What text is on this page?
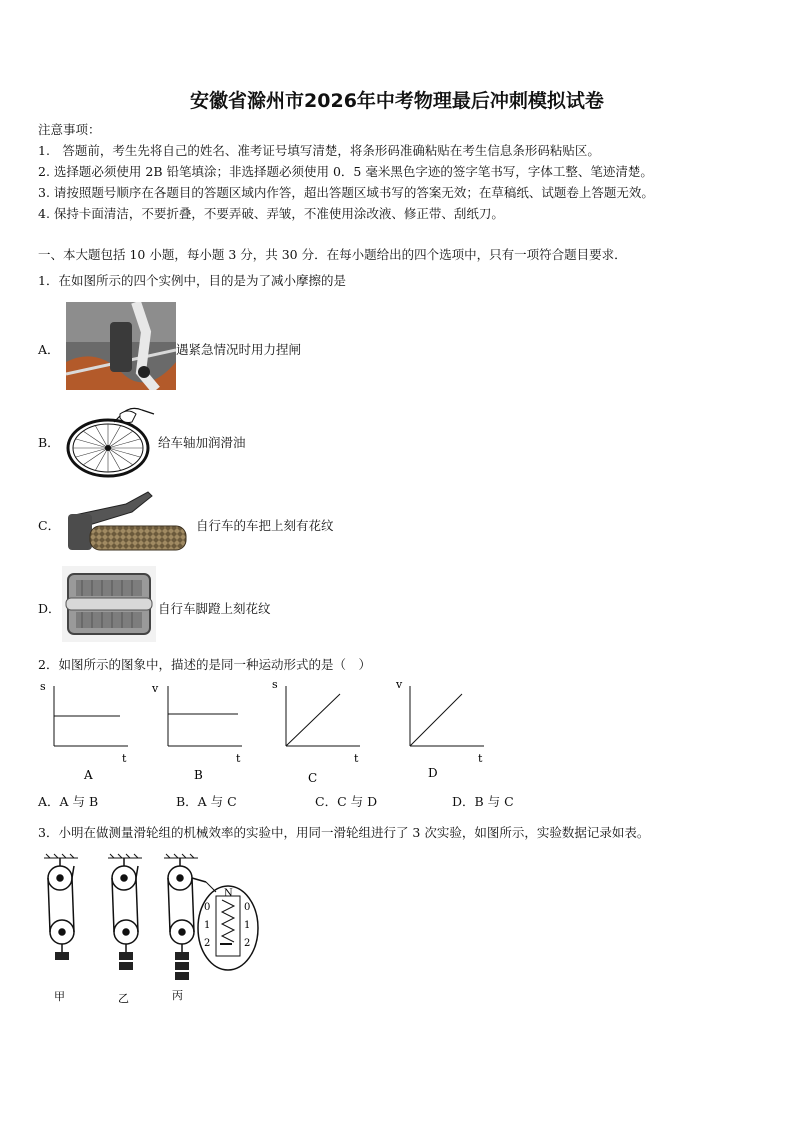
安徽省滁州市2026年中考物理最后冲刺模拟试卷
注意事项：
1.　答题前，考生先将自己的姓名、准考证号填写清楚，将条形码准确粘贴在考生信息条形码粘贴区。
2. 选择题必须使用 2B 铅笔填涂；非选择题必须使用 0．5 毫米黑色字迹的签字笔书写，字体工整、笔迹清楚。
3. 请按照题号顺序在各题目的答题区域内作答，超出答题区域书写的答案无效；在草稿纸、试题卷上答题无效。
4. 保持卡面清洁，不要折叠，不要弄破、弄皱，不准使用涂改液、修正带、刮纸刀。
一、本大题包括 10 小题，每小题 3 分，共 30 分．在每小题给出的四个选项中，只有一项符合题目要求．
1．在如图所示的四个实例中，目的是为了减小摩擦的是
A．	遇紧急情况时用力捏闸
B．	给车轴加润滑油
C．	自行车的车把上刻有花纹
D．	自行车脚蹬上刻花纹
2．如图所示的图象中，描述的是同一种运动形式的是（　）
s
t
A
v
t
B
s
t
C
v
t
D
A．A 与 B	B．A 与 C	C．C 与 D	D．B 与 C
3．小明在做测量滑轮组的机械效率的实验中，用同一滑轮组进行了 3 次实验，如图所示，实验数据记录如表。
N
0
1
2
0
1
2
甲	乙	丙
